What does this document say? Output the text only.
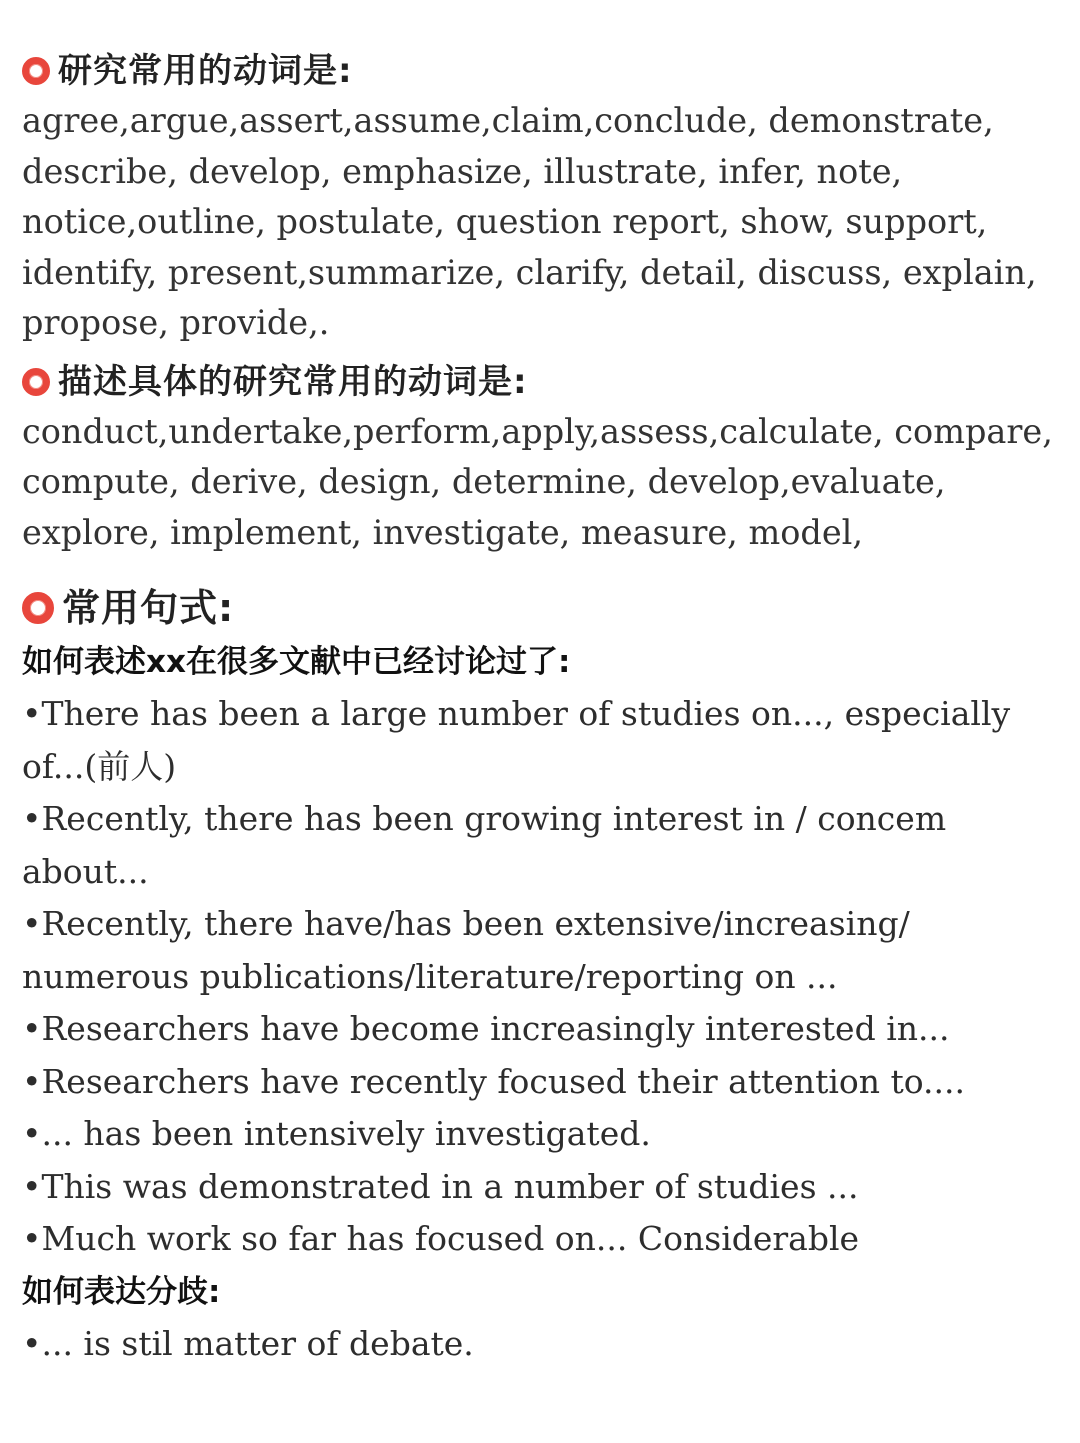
研究常用的动词是:
agree,argue,assert,assume,claim,conclude, demonstrate,
describe, develop, emphasize, illustrate, infer, note,
notice,outline, postulate, question report, show, support,
identify, present,summarize, clarify, detail, discuss, explain,
propose, provide,.
描述具体的研究常用的动词是:
conduct,undertake,perform,apply,assess,calculate, compare,
compute, derive, design, determine, develop,evaluate,
explore, implement, investigate, measure, model,
常用句式:
如何表述xx在很多文献中已经讨论过了:
•There has been a large number of studies on..., especially
of...(前人)
•Recently, there has been growing interest in / concem
about...
•Recently, there have/has been extensive/increasing/
numerous publications/literature/reporting on ...
•Researchers have become increasingly interested in...
•Researchers have recently focused their attention to....
•... has been intensively investigated.
•This was demonstrated in a number of studies ...
•Much work so far has focused on... Considerable
如何表达分歧:
•... is stil matter of debate.
